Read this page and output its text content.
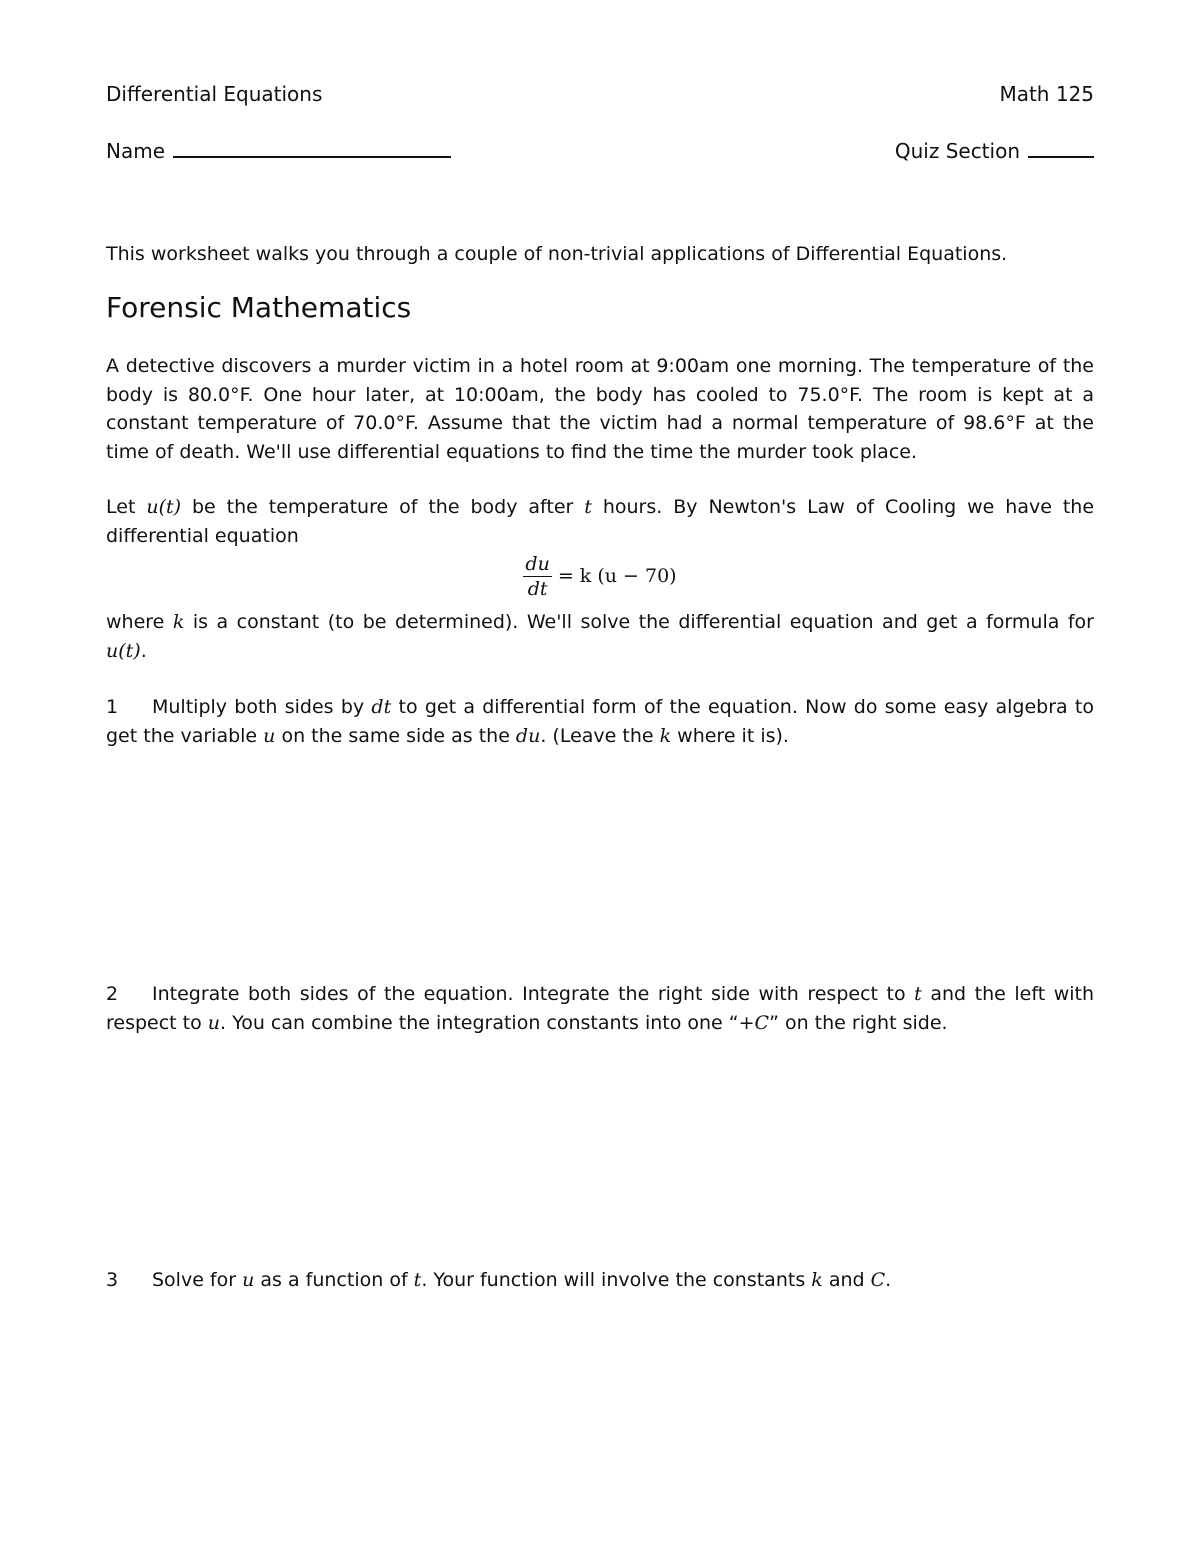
Differential Equations	Math 125
Name	Quiz Section
This worksheet walks you through a couple of non-trivial applications of Differential Equations.
Forensic Mathematics
A detective discovers a murder victim in a hotel room at 9:00am one morning. The temperature of the body is 80.0°F. One hour later, at 10:00am, the body has cooled to 75.0°F. The room is kept at a constant temperature of 70.0°F. Assume that the victim had a normal temperature of 98.6°F at the time of death. We'll use differential equations to find the time the murder took place.
Let u(t) be the temperature of the body after t hours. By Newton's Law of Cooling we have the differential equation
$\frac{du}{dt} = k$ (u − 70)
where k is a constant (to be determined). We'll solve the differential equation and get a formula for u(t).
1 Multiply both sides by dt to get a differential form of the equation. Now do some easy algebra to get the variable u on the same side as the du. (Leave the k where it is).
2 Integrate both sides of the equation. Integrate the right side with respect to t and the left with respect to u. You can combine the integration constants into one “+C” on the right side.
3 Solve for u as a function of t. Your function will involve the constants k and C.
